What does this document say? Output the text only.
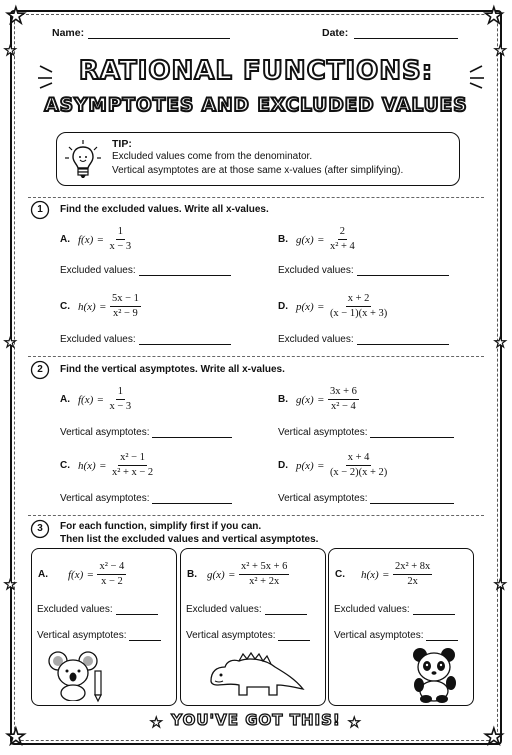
★	★
★	★
★	★
★	★
★	★
Name:	Date:
RATIONAL FUNCTIONS:
ASYMPTOTES AND EXCLUDED VALUES
TIP:
Excluded values come from the denominator.
Vertical asymptotes are at those same x-values (after simplifying).
1	Find the excluded values. Write all x-values.
A. $f(x) = \frac{1}{x - 3}$	B. $g(x) = \frac{2}{\text{x² + 4}}$
Excluded values:	Excluded values:
C. $h(x) = \frac{5x - 1}{\text{x² − 9}}$	D. $p(x) = \frac{x + 2}{(x - 1)(x + 3)}$
Excluded values:	Excluded values:
2	Find the vertical asymptotes. Write all x-values.
A. $f(x) = \frac{1}{x - 3}$	B. $g(x) = \frac{3x + 6}{\text{x² − 4}}$
Vertical asymptotes:	Vertical asymptotes:
C. $h(x) = \frac{\text{x² − 1}}{\text{x² + x − 2}}$	D. $p(x) = \frac{x + 4}{(x - 2)(x + 2)}$
Vertical asymptotes:	Vertical asymptotes:
3	For each function, simplify first if you can.
Then list the excluded values and vertical asymptotes.
A. $f(x) = \frac{\text{x² − 4}}{x - 2}$
Excluded values:
Vertical asymptotes:
B. $g(x) = \frac{\text{x² + 5x + 6}}{\text{x² + 2x}}$
Excluded values:
Vertical asymptotes:
C. $h(x) = \frac{\text{2x² + 8x}}{2x}$
Excluded values:
Vertical asymptotes:
★	★
YOU'VE GOT THIS!
